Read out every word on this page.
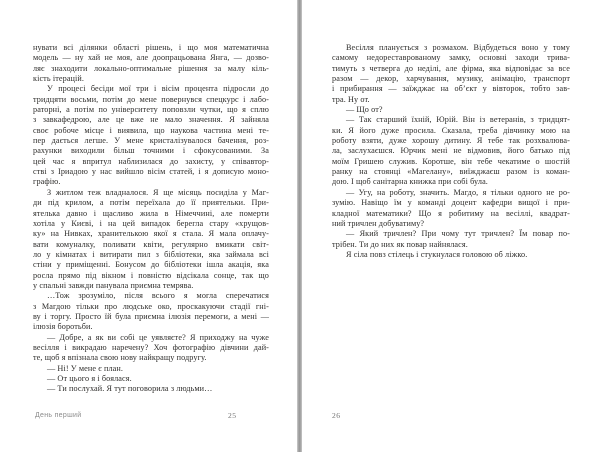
нувати всі ділянки області рішень, і що моя математична
модель — ну хай не моя, але доопрацьована Янга, — дозво-
ляє знаходити локально-оптимальне рішення за малу кіль-
кість ітерацій.
У процесі бесіди мої три і вісім процента підросли до
тридцяти восьми, потім до мене повернувся спецкурс і лабо-
раторні, а потім по університету поповзли чутки, що я сплю
з завкафедрою, але це вже не мало значення. Я зайняла
своє робоче місце і виявила, що наукова частина мені те-
пер дається легше. У мене кристалізувалося бачення, роз-
рахунки виходили більш точними і сфокусованими. За
цей час я впритул наблизилася до захисту, у співавтор-
стві з Іриадою у нас вийшло вісім статей, і я дописую моно-
графію.
З житлом теж владналося. Я ще місяць посиділа у Маг-
ди під крилом, а потім переїхала до її приятельки. При-
ятелька давно і щасливо жила в Німеччині, але померти
хотіла у Києві, і на цей випадок берегла стару «хрущов-
ку» на Нивках, хранителькою якої я стала. Я мала оплачу-
вати комуналку, поливати квіти, регулярно вмикати світ-
ло у кімнатах і витирати пил з бібліотеки, яка займала всі
стіни у приміщенні. Бонусом до бібліотеки ішла акація, яка
росла прямо під вікном і повністю відсікала сонце, так що
у спальні завжди панувала приємна темрява.
…Тож зрозуміло, після всього я могла сперечатися
з Магдою тільки про людське око, проскакуючи стадії гні-
ву і торгу. Просто їй була приємна ілюзія перемоги, а мені —
ілюзія боротьби.
— Добре, а як ви собі це уявляєте? Я приходжу на чуже
весілля і викрадаю наречену? Хоч фотографію дівчини дай-
те, щоб я впізнала свою нову найкращу подругу.
— Ні! У мене є план.
— От цього я і боялася.
— Ти послухай. Я тут поговорила з людьми…
День перший	25
Весілля планується з розмахом. Відбудеться воно у тому
самому недореставрованому замку, основні заходи трива-
тимуть з четверга до неділі, але фірма, яка відповідає за все
разом — декор, харчування, музику, анімацію, транспорт
і прибирання — заїжджає на об’єкт у вівторок, тобто зав-
тра. Ну от.
— Що от?
— Так старший їхній, Юрій. Він із ветеранів, з тридцят-
ки. Я його дуже просила. Сказала, треба дівчинку мою на
роботу взяти, дуже хорошу дитину. Я тебе так розхвалюва-
ла, заслухаєшся. Юрчик мені не відмовив, його батько під
моїм Гришею служив. Коротше, він тебе чекатиме о шостій
ранку на стоянці «Магелану», виїжджаєш разом із коман-
дою. І щоб санітарна книжка при собі була.
— Угу, на роботу, значить. Магдо, я тільки одного не ро-
зумію. Навіщо їм у команді доцент кафедри вищої і при-
кладної математики? Що я робитиму на весіллі, квадрат-
ний тричлен добуватиму?
— Який тричлен? При чому тут тричлен? Їм повар по-
трібен. Ти до них як повар найнялася.
Я сіла повз стілець і стукнулася головою об ліжко.
26
